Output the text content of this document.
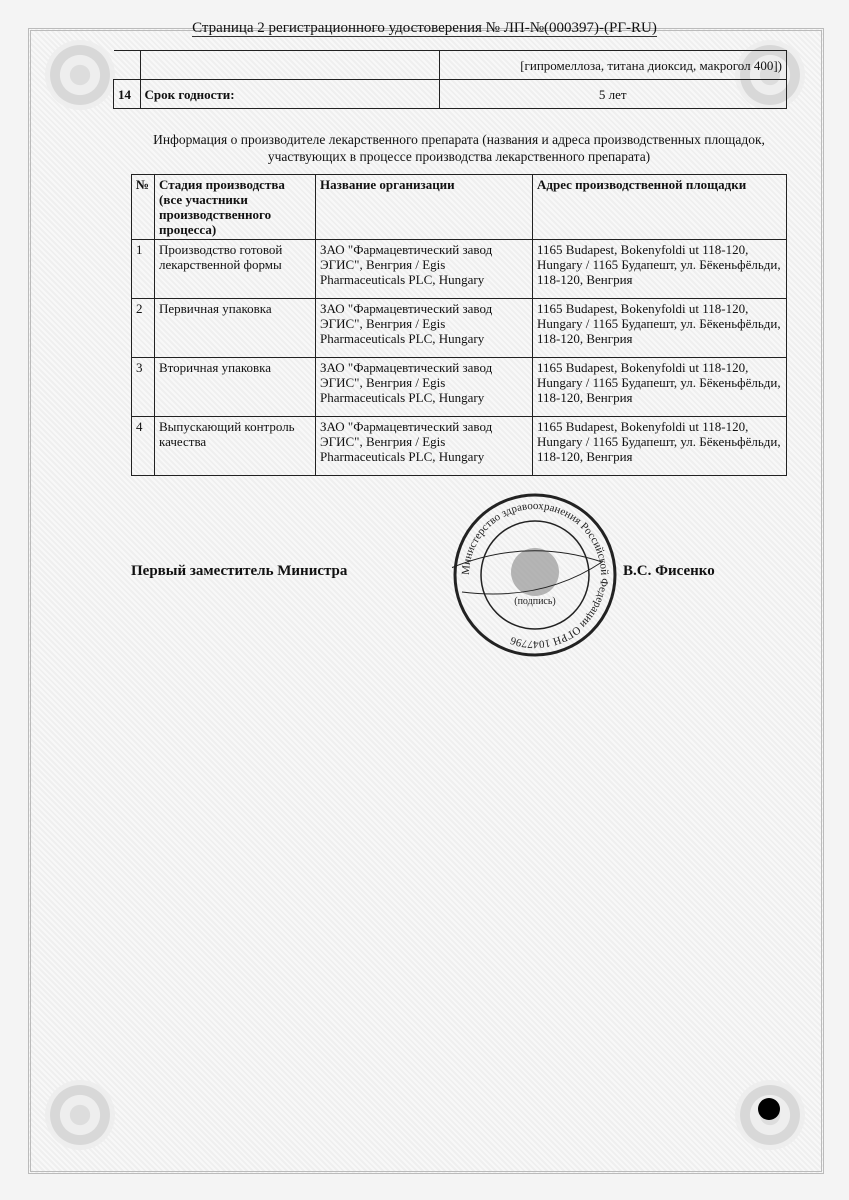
Страница 2 регистрационного удостоверения № ЛП-№(000397)-(РГ-RU)
		[гипромеллоза, титана диоксид, макрогол 400])
14	Срок годности:	5 лет
Информация о производителе лекарственного препарата (названия и адреса производственных площадок, участвующих в процессе производства лекарственного препарата)
№	Стадия производства (все участники производственного процесса)	Название организации	Адрес производственной площадки
1	Производство готовой лекарственной формы	ЗАО "Фармацевтический завод ЭГИС", Венгрия / Egis Pharmaceuticals PLC, Hungary	1165 Budapest, Bokenyfoldi ut 118-120, Hungary / 1165 Будапешт, ул. Бёкеньфёльди, 118-120, Венгрия
2	Первичная упаковка	ЗАО "Фармацевтический завод ЭГИС", Венгрия / Egis Pharmaceuticals PLC, Hungary	1165 Budapest, Bokenyfoldi ut 118-120, Hungary / 1165 Будапешт, ул. Бёкеньфёльди, 118-120, Венгрия
3	Вторичная упаковка	ЗАО "Фармацевтический завод ЭГИС", Венгрия / Egis Pharmaceuticals PLC, Hungary	1165 Budapest, Bokenyfoldi ut 118-120, Hungary / 1165 Будапешт, ул. Бёкеньфёльди, 118-120, Венгрия
4	Выпускающий контроль качества	ЗАО "Фармацевтический завод ЭГИС", Венгрия / Egis Pharmaceuticals PLC, Hungary	1165 Budapest, Bokenyfoldi ut 118-120, Hungary / 1165 Будапешт, ул. Бёкеньфёльди, 118-120, Венгрия
Первый заместитель Министра	В.С. Фисенко
Министерство здравоохранения Российской Федерации ОГРН 1047796
(подпись)
